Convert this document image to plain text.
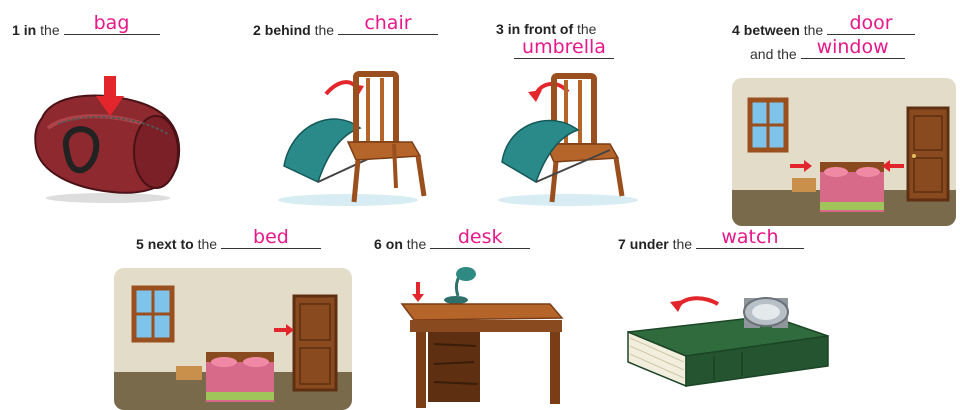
1 in the	bag	2 behind the	chair	3 in front of the
umbrella
4 between the	door
and the	window
5 next to the	bed	6 on the	desk	7 under the	watch
